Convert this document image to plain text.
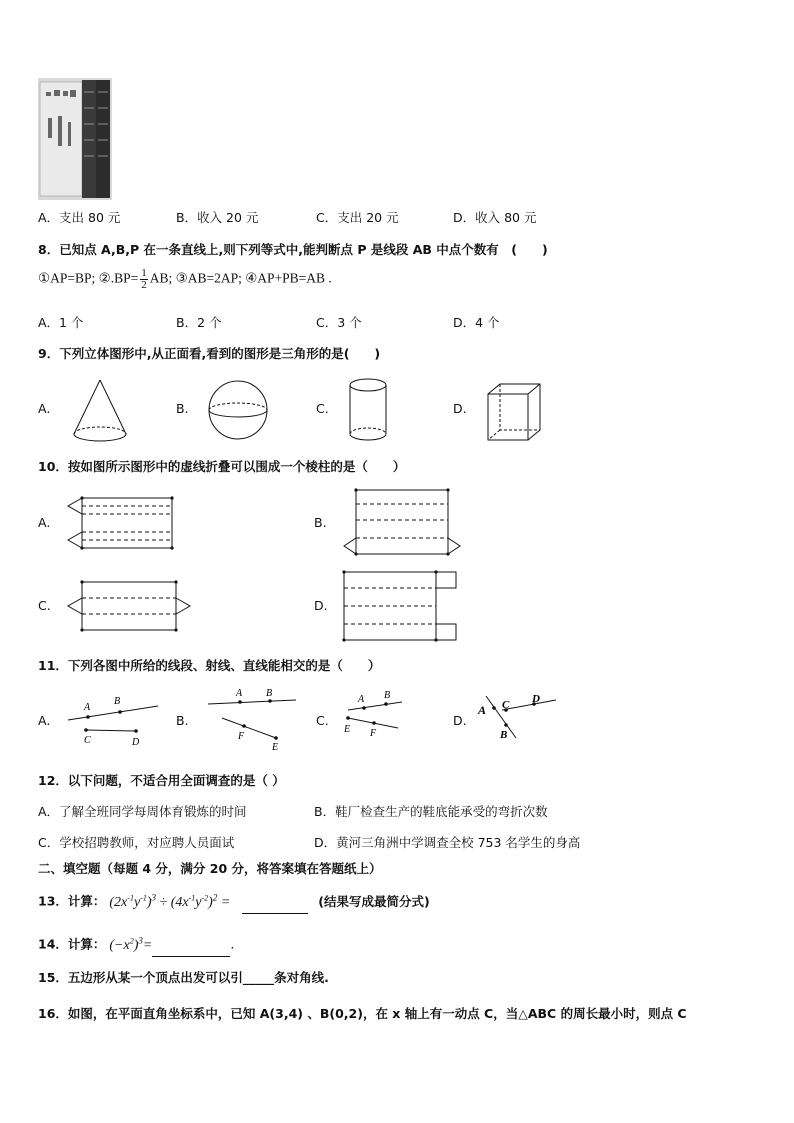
A．支出 80 元	B．收入 20 元	C．支出 20 元	D．收入 80 元
8．已知点 A,B,P 在一条直线上,则下列等式中,能判断点 P 是线段 AB 中点个数有　(　　)
①AP=BP; ②.BP= $\frac{1}{2}$ AB; ③AB=2AP; ④AP+PB=AB .
A．1 个	B．2 个	C．3 个	D．4 个
9．下列立体图形中,从正面看,看到的图形是三角形的是(　　)
A.	B.	C.	D.
10．按如图所示图形中的虚线折叠可以围成一个棱柱的是（　　）
A.	B.
C.	D.
11．下列各图中所给的线段、射线、直线能相交的是（　　）
A.	B.	C.	D.
A
B
C	D
A B
F
E
A B
E F
A C D
B
12．以下问题，不适合用全面调查的是（ ）
A．了解全班同学每周体育锻炼的时间	B．鞋厂检查生产的鞋底能承受的弯折次数
C．学校招聘教师，对应聘人员面试	D．黄河三角洲中学调查全校 753 名学生的身高
二、填空题（每题 4 分，满分 20 分，将答案填在答题纸上）
13．计算： $(2x^{-1}y^{-1})^3 \div (4x^{-1}y^{-2})^2$ =	(结果写成最简分式)
14．计算： $(-x^2)^3=$	.
15．五边形从某一个顶点出发可以引_____条对角线.
16．如图，在平面直角坐标系中，已知 A(3,4) 、B(0,2)，在 x 轴上有一动点 C，当△ABC 的周长最小时，则点 C
